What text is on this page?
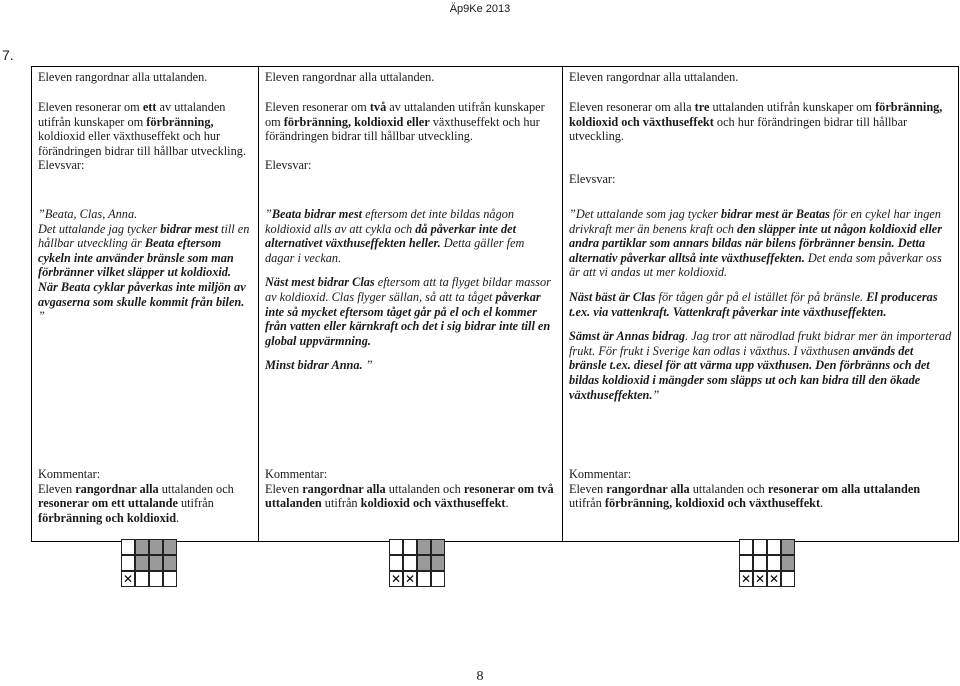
Äp9Ke 2013
7.
Eleven rangordnar alla uttalanden.
Eleven resonerar om ett av uttalanden utifrån kunskaper om förbränning, koldioxid eller växthuseffekt och hur förändringen bidrar till hållbar utveckling.
Elevsvar:

”Beata, Clas, Anna.

Det uttalande jag tycker bidrar mest till en hållbar utveckling är Beata eftersom cykeln inte använder bränsle som man förbränner vilket släpper ut koldioxid. När Beata cyklar påverkas inte miljön av avgaserna som skulle kommit från bilen. ”

Kommentar:
Eleven rangordnar alla uttalanden och resonerar om ett uttalande utifrån förbränning och koldioxid.
Eleven rangordnar alla uttalanden.
Eleven resonerar om två av uttalanden utifrån kunskaper om förbränning, koldioxid eller växthuseffekt och hur förändringen bidrar till hållbar utveckling.
Elevsvar:

”Beata bidrar mest eftersom det inte bildas någon koldioxid alls av att cykla och då påverkar inte det alternativet växthuseffekten heller. Detta gäller fem dagar i veckan.

Näst mest bidrar Clas eftersom att ta flyget bildar massor av koldioxid. Clas flyger sällan, så att ta tåget påverkar inte så mycket eftersom tåget går på el och el kommer från vatten eller kärnkraft och det i sig bidrar inte till en global uppvärmning.

Minst bidrar Anna. ”

Kommentar:
Eleven rangordnar alla uttalanden och resonerar om två uttalanden utifrån koldioxid och växthuseffekt.
Eleven rangordnar alla uttalanden.
Eleven resonerar om alla tre uttalanden utifrån kunskaper om förbränning, koldioxid och växthuseffekt och hur förändringen bidrar till hållbar utveckling.
Elevsvar:

”Det uttalande som jag tycker bidrar mest är Beatas för en cykel har ingen drivkraft mer än benens kraft och den släpper inte ut någon koldioxid eller andra partiklar som annars bildas när bilens förbränner bensin. Detta alternativ påverkar alltså inte växthuseffekten. Det enda som påverkar oss är att vi andas ut mer koldioxid.

Näst bäst är Clas för tågen går på el istället för på bränsle. El produceras t.ex. via vattenkraft. Vattenkraft påverkar inte växthuseffekten.

Sämst är Annas bidrag. Jag tror att närodlad frukt bidrar mer än importerad frukt. För frukt i Sverige kan odlas i växthus. I växthusen används det bränsle t.ex. diesel för att värma upp växthusen. Den förbränns och det bildas koldioxid i mängder som släpps ut och kan bidra till den ökade växthuseffekten.”

Kommentar:
Eleven rangordnar alla uttalanden och resonerar om alla uttalanden utifrån förbränning, koldioxid och växthuseffekt.
✕
✕
✕
✕
✕
✕
8
